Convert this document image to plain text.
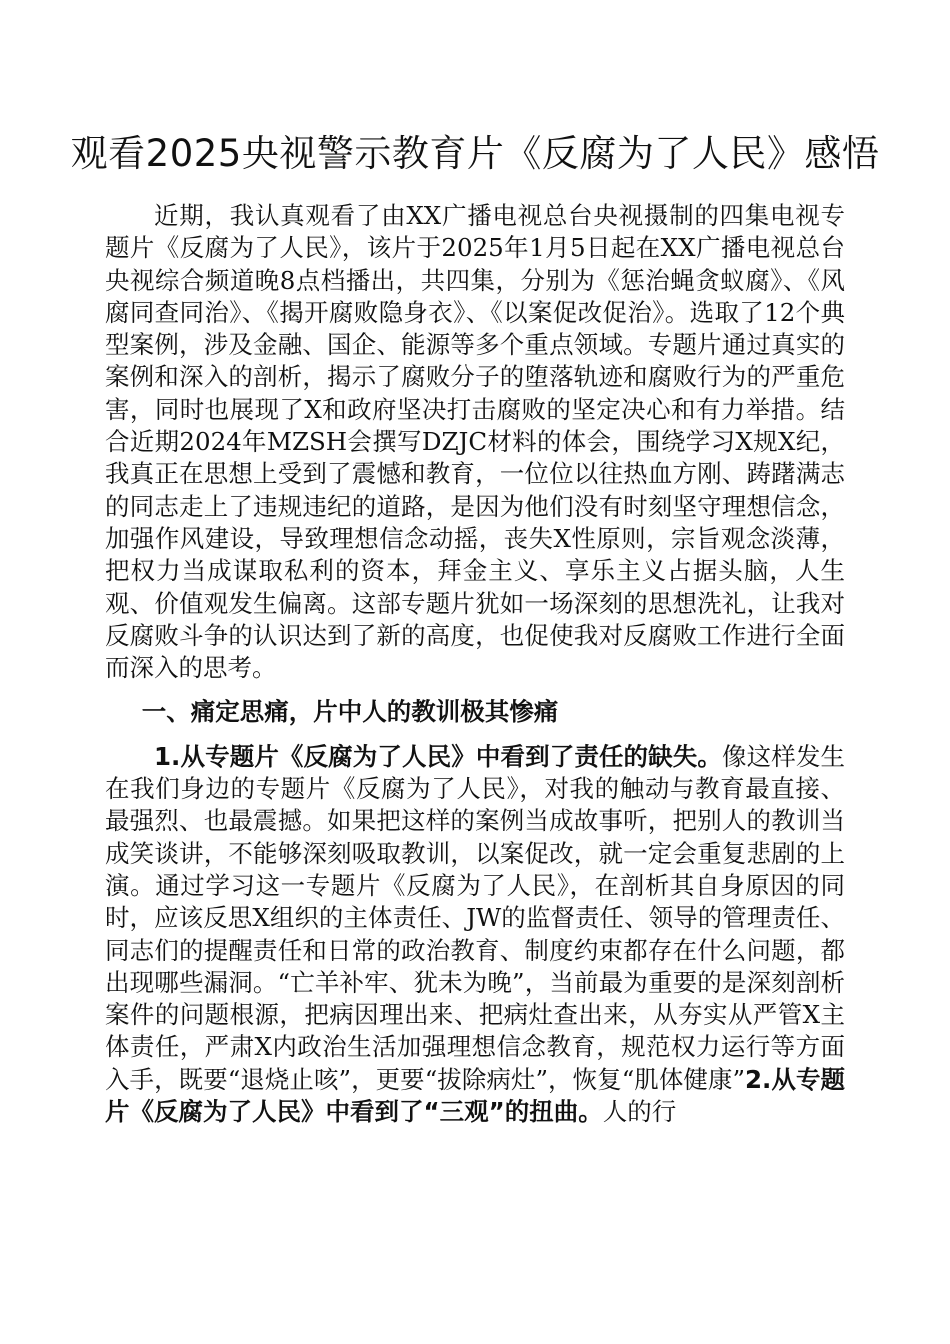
观看2025央视警示教育片《反腐为了人民》感悟

近期，我认真观看了由XX广播电视总台央视摄制的四集电视专题片《反腐为了人民》，该片于2025年1月5日起在XX广播电视总台央视综合频道晚8点档播出，共四集，分别为《惩治蝇贪蚁腐》、《风腐同查同治》、《揭开腐败隐身衣》、《以案促改促治》。选取了12个典型案例，涉及金融、国企、能源等多个重点领域。专题片通过真实的案例和深入的剖析，揭示了腐败分子的堕落轨迹和腐败行为的严重危害，同时也展现了X和政府坚决打击腐败的坚定决心和有力举措。结合近期2024年MZSH会撰写DZJC材料的体会，围绕学习X规X纪，我真正在思想上受到了震憾和教育，一位位以往热血方刚、踌躇满志的同志走上了违规违纪的道路，是因为他们没有时刻坚守理想信念，加强作风建设，导致理想信念动摇，丧失X性原则，宗旨观念淡薄，把权力当成谋取私利的资本，拜金主义、享乐主义占据头脑，人生观、价值观发生偏离。这部专题片犹如一场深刻的思想洗礼，让我对反腐败斗争的认识达到了新的高度，也促使我对反腐败工作进行全面而深入的思考。

一、痛定思痛，片中人的教训极其惨痛

1.从专题片《反腐为了人民》中看到了责任的缺失。像这样发生在我们身边的专题片《反腐为了人民》，对我的触动与教育最直接、最强烈、也最震撼。如果把这样的案例当成故事听，把别人的教训当成笑谈讲，不能够深刻吸取教训，以案促改，就一定会重复悲剧的上演。通过学习这一专题片《反腐为了人民》，在剖析其自身原因的同时，应该反思X组织的主体责任、JW的监督责任、领导的管理责任、同志们的提醒责任和日常的政治教育、制度约束都存在什么问题，都出现哪些漏洞。“亡羊补牢、犹未为晚”，当前最为重要的是深刻剖析案件的问题根源，把病因理出来、把病灶查出来，从夯实从严管X主体责任，严肃X内政治生活加强理想信念教育，规范权力运行等方面入手，既要“退烧止咳”，更要“拔除病灶”，恢复“肌体健康”2.从专题片《反腐为了人民》中看到了“三观”的扭曲。人的行
